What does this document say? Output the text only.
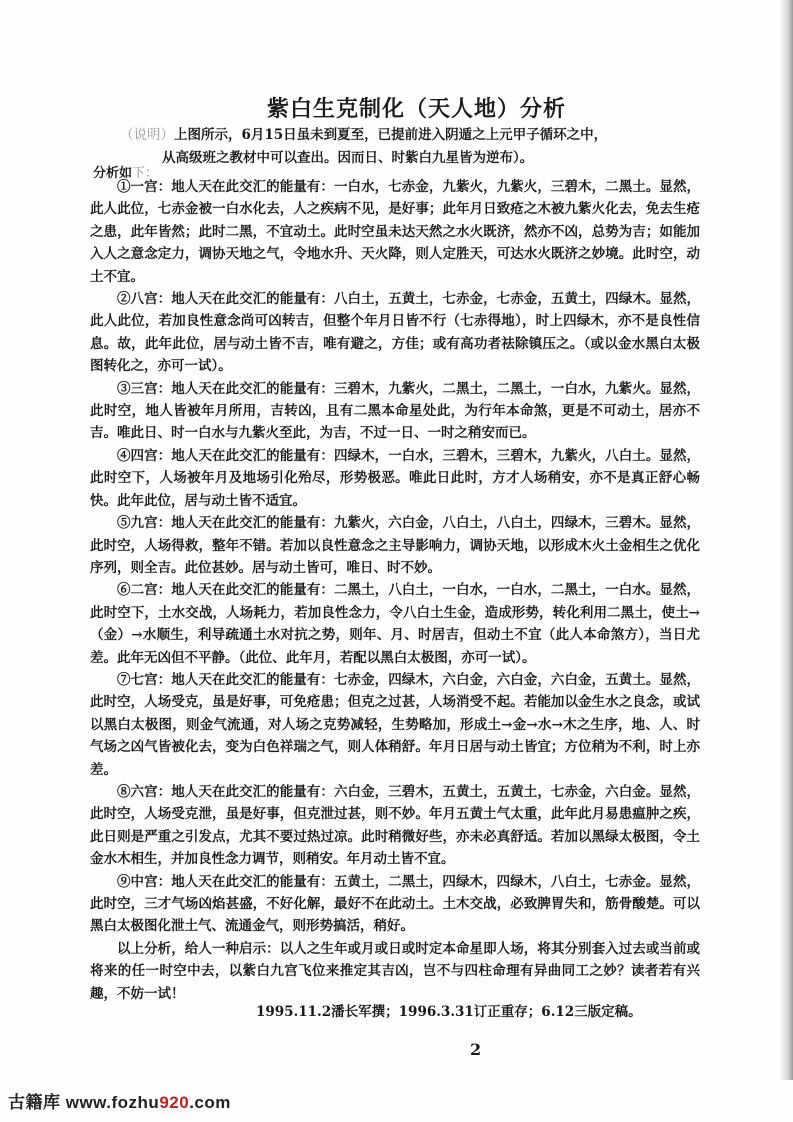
紫白生克制化（天人地）分析
（说明）上图所示，6月15日虽未到夏至，已提前进入阴遁之上元甲子循环之中，
从高级班之教材中可以查出。因而日、时紫白九星皆为逆布）。
分析如下：

①一宫：地人天在此交汇的能量有：一白水，七赤金，九紫火，九紫火，三碧木，二黑土。显然，此人此位，七赤金被一白水化去，人之疾病不见，是好事；此年月日致疮之木被九紫火化去，免去生疮之患，此年皆然；此时二黑，不宜动土。此时空虽未达天然之水火既济，然亦不凶，总势为吉；如能加入人之意念定力，调协天地之气，令地水升、天火降，则人定胜天，可达水火既济之妙境。此时空，动土不宜。

②八宫：地人天在此交汇的能量有：八白土，五黄土，七赤金，七赤金，五黄土，四绿木。显然，此人此位，若加良性意念尚可凶转吉，但整个年月日皆不行（七赤得地），时上四绿木，亦不是良性信息。故，此年此位，居与动土皆不吉，唯有避之，方佳；或有高功者祛除镇压之。（或以金水黑白太极图转化之，亦可一试）。

③三宫：地人天在此交汇的能量有：三碧木，九紫火，二黑土，二黑土，一白水，九紫火。显然，此时空，地人皆被年月所用，吉转凶，且有二黑本命星处此，为行年本命煞，更是不可动土，居亦不吉。唯此日、时一白水与九紫火至此，为吉，不过一日、一时之稍安而已。

④四宫：地人天在此交汇的能量有：四绿木，一白水，三碧木，三碧木，九紫火，八白土。显然，此时空下，人场被年月及地场引化殆尽，形势极恶。唯此日此时，方才人场稍安，亦不是真正舒心畅快。此年此位，居与动土皆不适宜。

⑤九宫：地人天在此交汇的能量有：九紫火，六白金，八白土，八白土，四绿木，三碧木。显然，此时空，人场得救，整年不错。若加以良性意念之主导影响力，调协天地，以形成木火土金相生之优化序列，则全吉。此位甚妙。居与动土皆可，唯日、时不妙。

⑥二宫：地人天在此交汇的能量有：二黑土，八白土，一白水，一白水，二黑土，一白水。显然，此时空下，土水交战，人场耗力，若加良性念力，令八白土生金，造成形势，转化利用二黑土，使土→（金）→水顺生，利导疏通土水对抗之势，则年、月、时居吉，但动土不宜（此人本命煞方），当日尤差。此年无凶但不平静。（此位、此年月，若配以黑白太极图，亦可一试）。

⑦七宫：地人天在此交汇的能量有：七赤金，四绿木，六白金，六白金，六白金，五黄土。显然，此时空，人场受克，虽是好事，可免疮患；但克之过甚，人场消受不起。若能加以金生水之良念，或试以黑白太极图，则金气流通，对人场之克势减轻，生势略加，形成土→金→水→木之生序，地、人、时气场之凶气皆被化去，变为白色祥瑞之气，则人体稍舒。年月日居与动土皆宜；方位稍为不利，时上亦差。

⑧六宫：地人天在此交汇的能量有：六白金，三碧木，五黄土，五黄土，七赤金，六白金。显然，此时空，人场受克泄，虽是好事，但克泄过甚，则不妙。年月五黄土气太重，此年此月易患瘟肿之疾，此日则是严重之引发点，尤其不要过热过凉。此时稍微好些，亦未必真舒适。若加以黑绿太极图，令土金水木相生，并加良性念力调节，则稍安。年月动土皆不宜。

⑨中宫：地人天在此交汇的能量有：五黄土，二黑土，四绿木，四绿木，八白土，七赤金。显然，此时空，三才气场凶焰甚盛，不好化解，最好不在此动土。土木交战，必致脾胃失和，筋骨酸楚。可以黑白太极图化泄土气、流通金气，则形势搞活，稍好。

以上分析，给人一种启示：以人之生年或月或日或时定本命星即人场，将其分别套入过去或当前或将来的任一时空中去，以紫白九宫飞位来推定其吉凶，岂不与四柱命理有异曲同工之妙？读者若有兴趣，不妨一试！

1995.11.2潘长军撰；1996.3.31订正重存；6.12三版定稿。
2
古籍库 www.fozhu920.com
